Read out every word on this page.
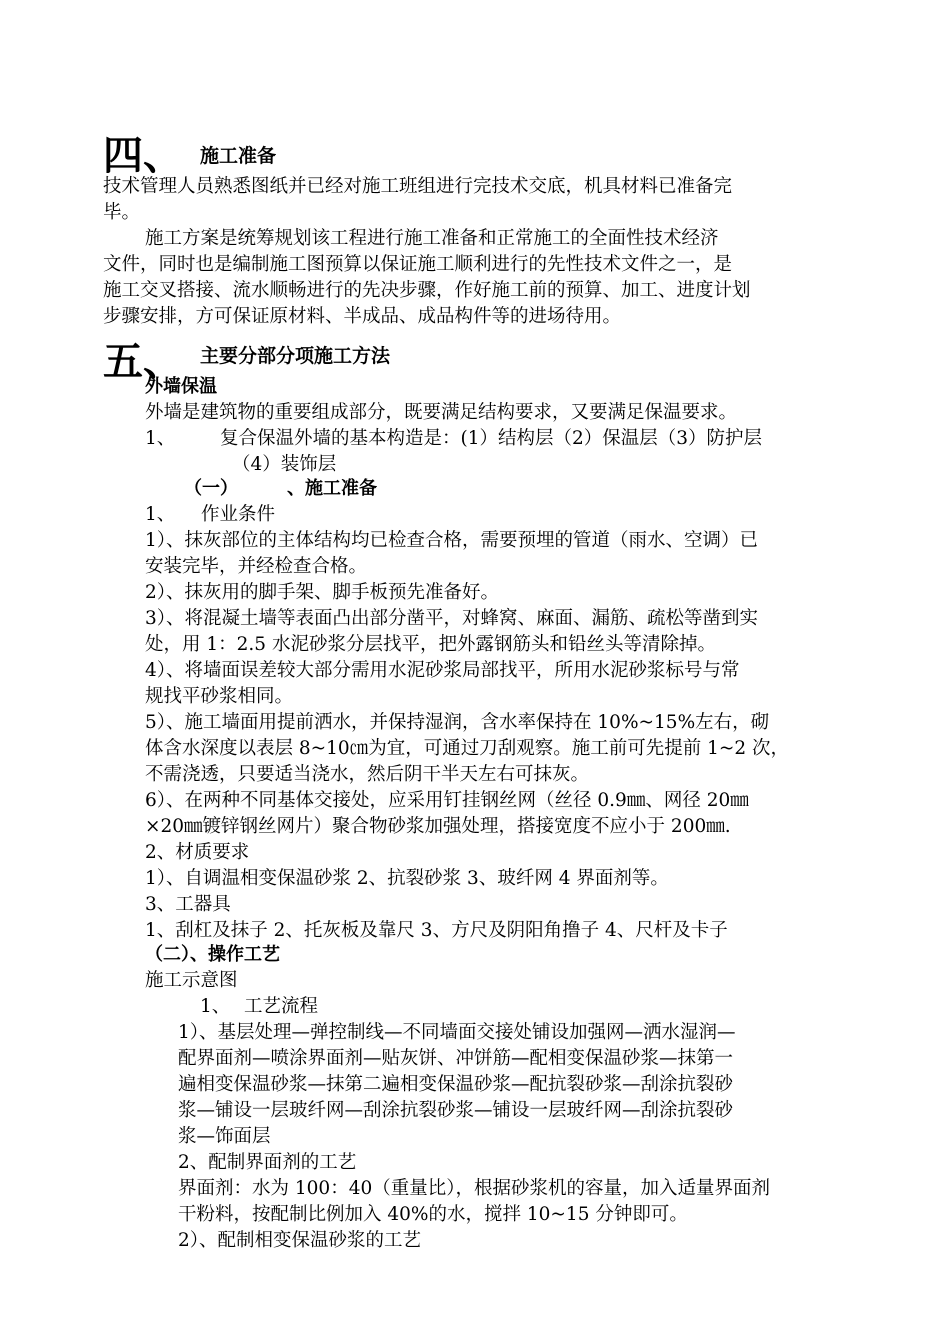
四、 施工准备
技术管理人员熟悉图纸并已经对施工班组进行完技术交底，机具材料已准备完
毕。
施工方案是统筹规划该工程进行施工准备和正常施工的全面性技术经济
文件，同时也是编制施工图预算以保证施工顺利进行的先性技术文件之一，是
施工交叉搭接、流水顺畅进行的先决步骤，作好施工前的预算、加工、进度计划
步骤安排，方可保证原材料、半成品、成品构件等的进场待用。
五、 主要分部分项施工方法
外墙保温
外墙是建筑物的重要组成部分，既要满足结构要求，又要满足保温要求。
1、 复合保温外墙的基本构造是：(1）结构层（2）保温层（3）防护层
（4）装饰层
（一）	、施工准备
1、 作业条件
1）、抹灰部位的主体结构均已检查合格，需要预埋的管道（雨水、空调）已
安装完毕，并经检查合格。
2）、抹灰用的脚手架、脚手板预先准备好。
3）、将混凝土墙等表面凸出部分凿平，对蜂窝、麻面、漏筋、疏松等凿到实
处，用 1：2.5 水泥砂浆分层找平，把外露钢筋头和铅丝头等清除掉。
4）、将墙面误差较大部分需用水泥砂浆局部找平，所用水泥砂浆标号与常
规找平砂浆相同。
5）、施工墙面用提前洒水，并保持湿润，含水率保持在 10%~15%左右，砌
体含水深度以表层 8~10㎝为宜，可通过刀刮观察。施工前可先提前 1~2 次，
不需浇透，只要适当浇水，然后阴干半天左右可抹灰。
6）、在两种不同基体交接处，应采用钉挂钢丝网（丝径 0.9㎜、网径 20㎜
×20㎜镀锌钢丝网片）聚合物砂浆加强处理，搭接宽度不应小于 200㎜.
2、材质要求
1）、自调温相变保温砂浆 2、抗裂砂浆 3、玻纤网 4 界面剂等。
3、工器具
1、刮杠及抹子 2、托灰板及靠尺 3、方尺及阴阳角撸子 4、尺杆及卡子
（二）、操作工艺
施工示意图
1、 工艺流程
1）、基层处理—弹控制线—不同墙面交接处铺设加强网—洒水湿润—
配界面剂—喷涂界面剂—贴灰饼、冲饼筋—配相变保温砂浆—抹第一
遍相变保温砂浆—抹第二遍相变保温砂浆—配抗裂砂浆—刮涂抗裂砂
浆—铺设一层玻纤网—刮涂抗裂砂浆—铺设一层玻纤网—刮涂抗裂砂
浆—饰面层
2、配制界面剂的工艺
界面剂：水为 100：40（重量比），根据砂浆机的容量，加入适量界面剂
干粉料，按配制比例加入 40%的水，搅拌 10~15 分钟即可。
2）、配制相变保温砂浆的工艺
